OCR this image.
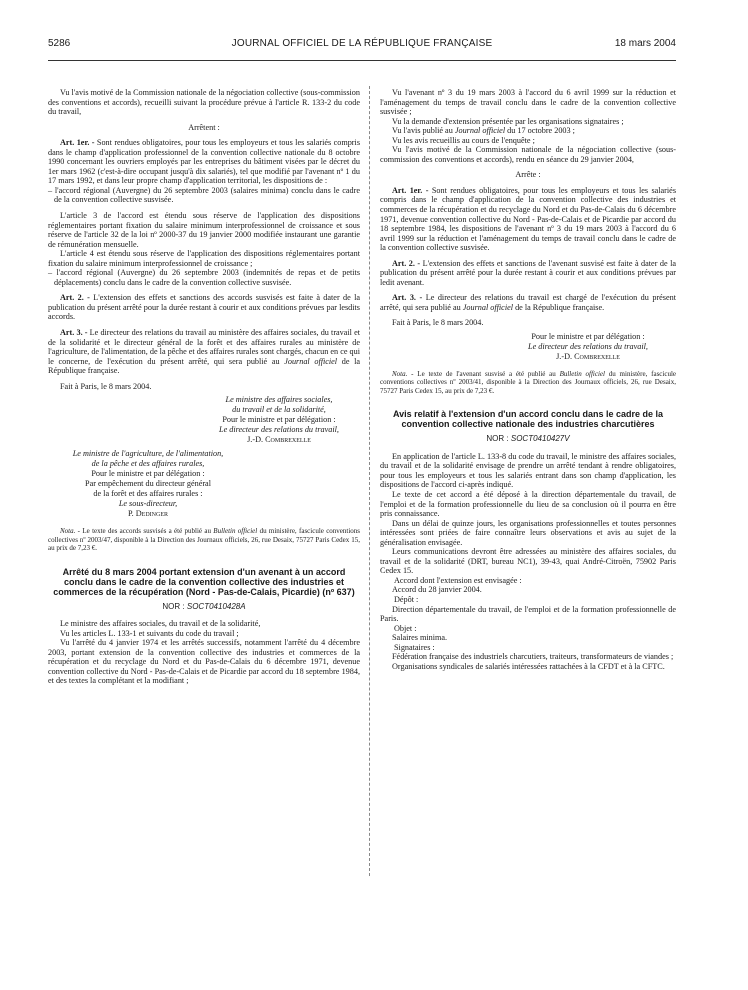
5286	JOURNAL OFFICIEL DE LA RÉPUBLIQUE FRANÇAISE	18 mars 2004

Vu l'avis motivé de la Commission nationale de la négociation collective (sous-commission des conventions et accords), recueilli suivant la procédure prévue à l'article R. 133-2 du code du travail,

Arrêtent :

Art. 1er. - Sont rendues obligatoires, pour tous les employeurs et tous les salariés compris dans le champ d'application professionnel de la convention collective nationale du 8 octobre 1990 concernant les ouvriers employés par les entreprises du bâtiment visées par le décret du 1er mars 1962 (c'est-à-dire occupant jusqu'à dix salariés), tel que modifié par l'avenant nº 1 du 17 mars 1992, et dans leur propre champ d'application territorial, les dispositions de :

– l'accord régional (Auvergne) du 26 septembre 2003 (salaires minima) conclu dans le cadre de la convention collective susvisée.

L'article 3 de l'accord est étendu sous réserve de l'application des dispositions réglementaires portant fixation du salaire minimum interprofessionnel de croissance et sous réserve de l'article 32 de la loi nº 2000-37 du 19 janvier 2000 modifiée instaurant une garantie de rémunération mensuelle.

L'article 4 est étendu sous réserve de l'application des dispositions réglementaires portant fixation du salaire minimum interprofessionnel de croissance ;

– l'accord régional (Auvergne) du 26 septembre 2003 (indemnités de repas et de petits déplacements) conclu dans le cadre de la convention collective susvisée.

Art. 2. - L'extension des effets et sanctions des accords susvisés est faite à dater de la publication du présent arrêté pour la durée restant à courir et aux conditions prévues par lesdits accords.

Art. 3. - Le directeur des relations du travail au ministère des affaires sociales, du travail et de la solidarité et le directeur général de la forêt et des affaires rurales au ministère de l'agriculture, de l'alimentation, de la pêche et des affaires rurales sont chargés, chacun en ce qui le concerne, de l'exécution du présent arrêté, qui sera publié au Journal officiel de la République française.

Fait à Paris, le 8 mars 2004.

Le ministre des affaires sociales,
du travail et de la solidarité,
Pour le ministre et par délégation :
Le directeur des relations du travail,
J.-D. Combrexelle
Le ministre de l'agriculture, de l'alimentation,
de la pêche et des affaires rurales,
Pour le ministre et par délégation :
Par empêchement du directeur général
de la forêt et des affaires rurales :
Le sous-directeur,
P. Dedinger

Nota. - Le texte des accords susvisés a été publié au Bulletin officiel du ministère, fascicule conventions collectives nº 2003/47, disponible à la Direction des Journaux officiels, 26, rue Desaix, 75727 Paris Cedex 15, au prix de 7,23 €.

Arrêté du 8 mars 2004 portant extension d'un avenant à un accord conclu dans le cadre de la convention collective des industries et commerces de la récupération (Nord - Pas-de-Calais, Picardie) (nº 637)
NOR : SOCT0410428A

Le ministre des affaires sociales, du travail et de la solidarité,

Vu les articles L. 133-1 et suivants du code du travail ;

Vu l'arrêté du 4 janvier 1974 et les arrêtés successifs, notamment l'arrêté du 4 décembre 2003, portant extension de la convention collective des industries et commerces de la récupération et du recyclage du Nord et du Pas-de-Calais du 6 décembre 1971, devenue convention collective du Nord - Pas-de-Calais et de Picardie par accord du 18 septembre 1984, et des textes la complétant et la modifiant ;

Vu l'avenant nº 3 du 19 mars 2003 à l'accord du 6 avril 1999 sur la réduction et l'aménagement du temps de travail conclu dans le cadre de la convention collective susvisée ;

Vu la demande d'extension présentée par les organisations signataires ;

Vu l'avis publié au Journal officiel du 17 octobre 2003 ;

Vu les avis recueillis au cours de l'enquête ;

Vu l'avis motivé de la Commission nationale de la négociation collective (sous-commission des conventions et accords), rendu en séance du 29 janvier 2004,

Arrête :

Art. 1er. - Sont rendues obligatoires, pour tous les employeurs et tous les salariés compris dans le champ d'application de la convention collective des industries et commerces de la récupération et du recyclage du Nord et du Pas-de-Calais du 6 décembre 1971, devenue convention collective du Nord - Pas-de-Calais et de Picardie par accord du 18 septembre 1984, les dispositions de l'avenant nº 3 du 19 mars 2003 à l'accord du 6 avril 1999 sur la réduction et l'aménagement du temps de travail conclu dans le cadre de la convention collective susvisée.

Art. 2. - L'extension des effets et sanctions de l'avenant susvisé est faite à dater de la publication du présent arrêté pour la durée restant à courir et aux conditions prévues par ledit avenant.

Art. 3. - Le directeur des relations du travail est chargé de l'exécution du présent arrêté, qui sera publié au Journal officiel de la République française.

Fait à Paris, le 8 mars 2004.

Pour le ministre et par délégation :
Le directeur des relations du travail,
J.-D. Combrexelle

Nota. - Le texte de l'avenant susvisé a été publié au Bulletin officiel du ministère, fascicule conventions collectives nº 2003/41, disponible à la Direction des Journaux officiels, 26, rue Desaix, 75727 Paris Cedex 15, au prix de 7,23 €.

Avis relatif à l'extension d'un accord conclu dans le cadre de la convention collective nationale des industries charcutières
NOR : SOCT0410427V

En application de l'article L. 133-8 du code du travail, le ministre des affaires sociales, du travail et de la solidarité envisage de prendre un arrêté tendant à rendre obligatoires, pour tous les employeurs et tous les salariés entrant dans son champ d'application, les dispositions de l'accord ci-après indiqué.

Le texte de cet accord a été déposé à la direction départementale du travail, de l'emploi et de la formation professionnelle du lieu de sa conclusion où il pourra en être pris connaissance.

Dans un délai de quinze jours, les organisations professionnelles et toutes personnes intéressées sont priées de faire connaître leurs observations et avis au sujet de la généralisation envisagée.

Leurs communications devront être adressées au ministère des affaires sociales, du travail et de la solidarité (DRT, bureau NC1), 39-43, quai André-Citroën, 75902 Paris Cedex 15.

Accord dont l'extension est envisagée :

Accord du 28 janvier 2004.

Dépôt :

Direction départementale du travail, de l'emploi et de la formation professionnelle de Paris.

Objet :

Salaires minima.

Signataires :

Fédération française des industriels charcutiers, traiteurs, transformateurs de viandes ;

Organisations syndicales de salariés intéressées rattachées à la CFDT et à la CFTC.
